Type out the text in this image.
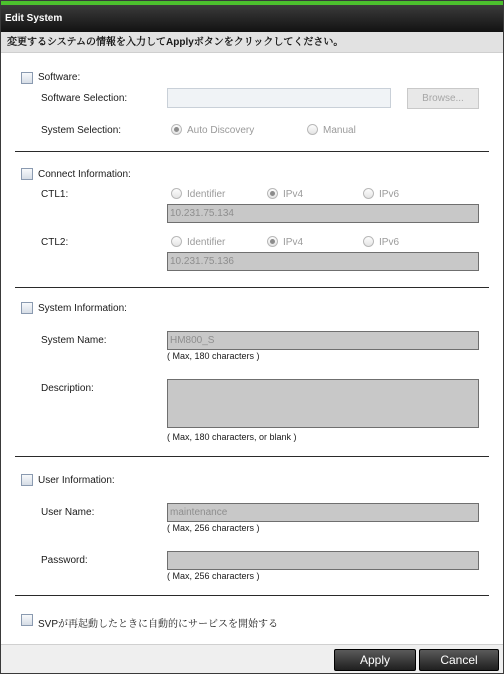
Edit System
変更するシステムの情報を入力してApplyボタンをクリックしてください。
Software:
Software Selection:	Browse...
System Selection:	Auto Discovery	Manual
Connect Information:
CTL1:	Identifier	IPv4	IPv6
10.231.75.134
CTL2:	Identifier	IPv4	IPv6
10.231.75.136
System Information:
System Name:	HM800_S
( Max, 180 characters )
Description:
( Max, 180 characters, or blank )
User Information:
User Name:	maintenance
( Max, 256 characters )
Password:
( Max, 256 characters )
SVPが再起動したときに自動的にサービスを開始する
Apply	Cancel
